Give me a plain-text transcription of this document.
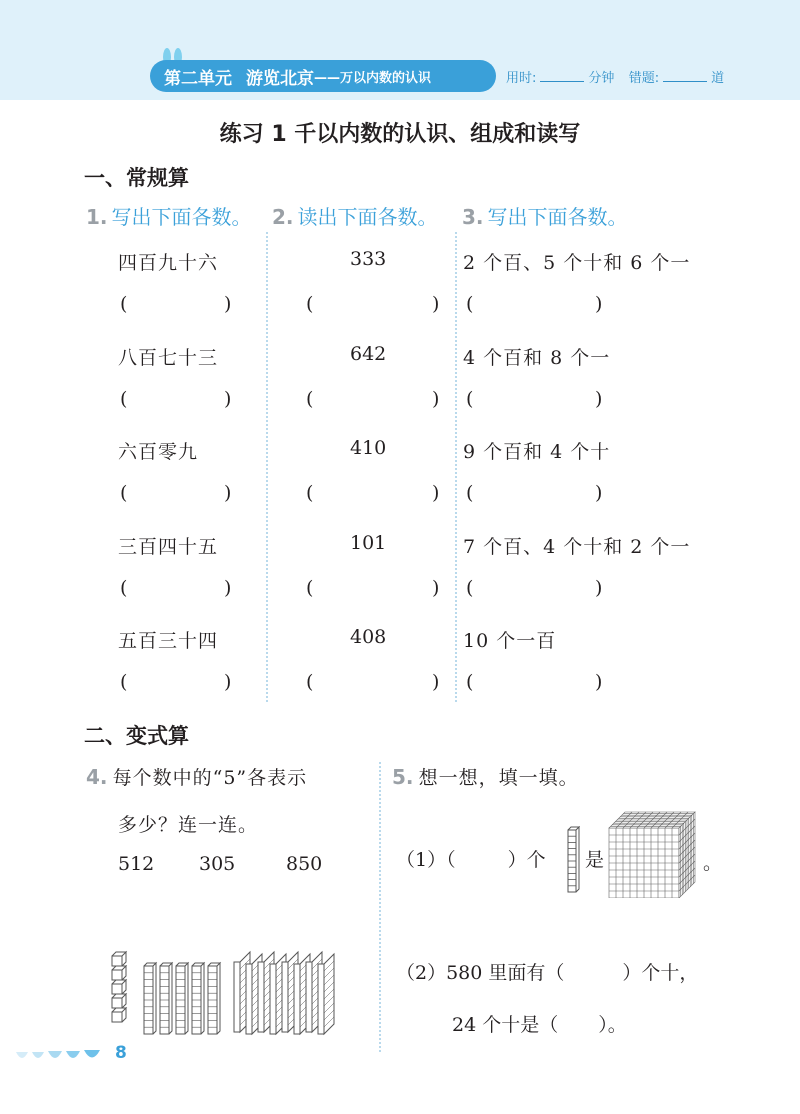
第二单元 游览北京 ——万以内数的认识	用时:	分钟 错题:	道
练习 1 千以内数的认识、组成和读写
一、常规算
1. 写出下面各数。 2. 读出下面各数。 3. 写出下面各数。
四百九十六
(	)
333
(	)
2 个百、5 个十和 6 个一
(	)
八百七十三
(	)
642
(	)
4 个百和 8 个一
(	)
六百零九
(	)
410
(	)
9 个百和 4 个十
(	)
三百四十五
(	)
101
(	)
7 个百、4 个十和 2 个一
(	)
五百三十四
(	)
408
(	)
10 个一百
(	)
二、变式算
4. 每个数中的“5”各表示
多少？连一连。
512 305	850
5. 想一想，填一填。
（1）（	）个 是	。
（2）580 里面有（	）个十，
24 个十是（ ）。
8
